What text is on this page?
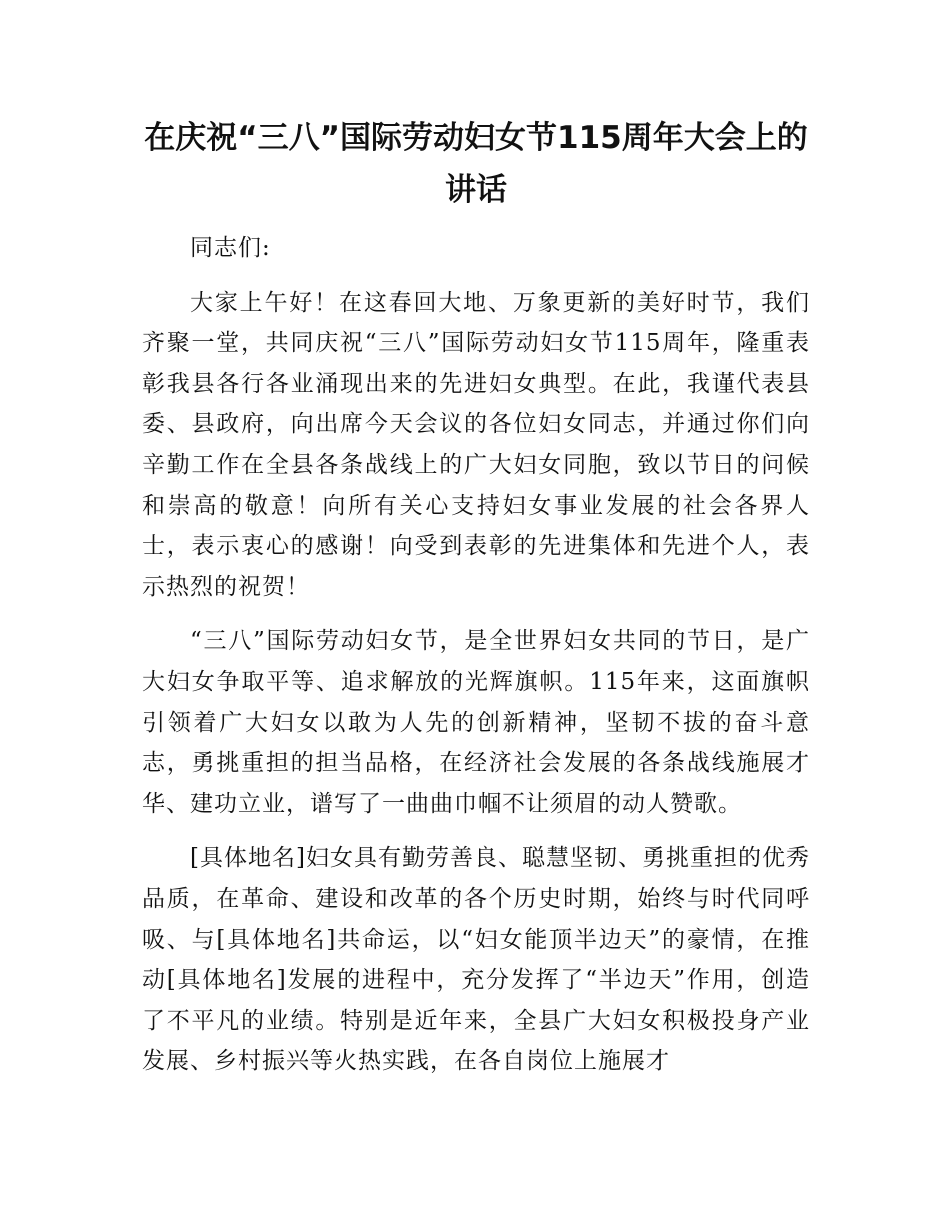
在庆祝“三八”国际劳动妇女节115周年大会上的讲话

同志们:

大家上午好！在这春回大地、万象更新的美好时节，我们齐聚一堂，共同庆祝“三八”国际劳动妇女节115周年，隆重表彰我县各行各业涌现出来的先进妇女典型。在此，我谨代表县委、县政府，向出席今天会议的各位妇女同志，并通过你们向辛勤工作在全县各条战线上的广大妇女同胞，致以节日的问候和崇高的敬意！向所有关心支持妇女事业发展的社会各界人士，表示衷心的感谢！向受到表彰的先进集体和先进个人，表示热烈的祝贺！

“三八”国际劳动妇女节，是全世界妇女共同的节日，是广大妇女争取平等、追求解放的光辉旗帜。115年来，这面旗帜引领着广大妇女以敢为人先的创新精神，坚韧不拔的奋斗意志，勇挑重担的担当品格，在经济社会发展的各条战线施展才华、建功立业，谱写了一曲曲巾帼不让须眉的动人赞歌。

[具体地名]妇女具有勤劳善良、聪慧坚韧、勇挑重担的优秀品质，在革命、建设和改革的各个历史时期，始终与时代同呼吸、与[具体地名]共命运，以“妇女能顶半边天”的豪情，在推动[具体地名]发展的进程中，充分发挥了“半边天”作用，创造了不平凡的业绩。特别是近年来，全县广大妇女积极投身产业发展、乡村振兴等火热实践，在各自岗位上施展才
